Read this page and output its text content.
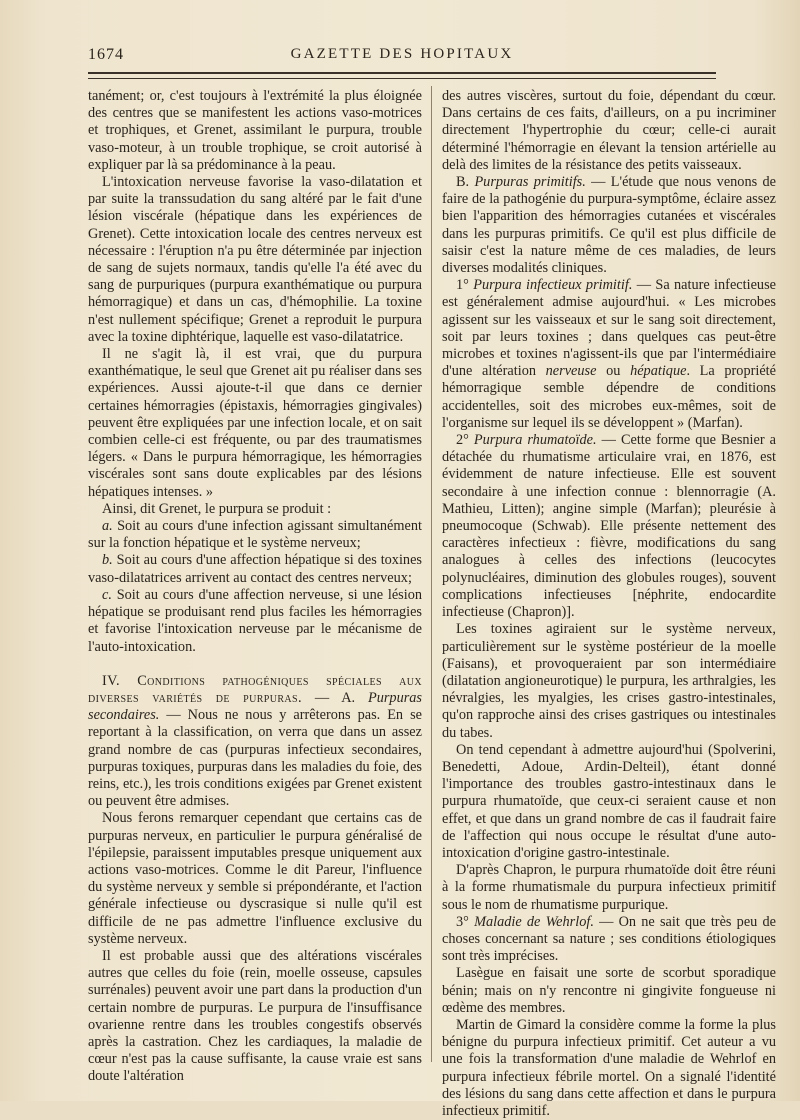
1674	GAZETTE DES HOPITAUX

tanément; or, c'est toujours à l'extrémité la plus éloignée des centres que se manifestent les actions vaso-motrices et trophiques, et Grenet, assimilant le purpura, trouble vaso-moteur, à un trouble trophique, se croit autorisé à expliquer par là sa prédominance à la peau.

L'intoxication nerveuse favorise la vaso-dilatation et par suite la transsudation du sang altéré par le fait d'une lésion viscérale (hépatique dans les expériences de Grenet). Cette intoxication locale des centres nerveux est nécessaire : l'éruption n'a pu être déterminée par injection de sang de sujets normaux, tandis qu'elle l'a été avec du sang de purpuriques (purpura exanthématique ou purpura hémorragique) et dans un cas, d'hémophilie. La toxine n'est nullement spécifique; Grenet a reproduit le purpura avec la toxine diphtérique, laquelle est vaso-dilatatrice.

Il ne s'agit là, il est vrai, que du purpura exanthématique, le seul que Grenet ait pu réaliser dans ses expériences. Aussi ajoute-t-il que dans ce dernier certaines hémorragies (épistaxis, hémorragies gingivales) peuvent être expliquées par une infection locale, et on sait combien celle-ci est fréquente, ou par des traumatismes légers. « Dans le purpura hémorragique, les hémorragies viscérales sont sans doute explicables par des lésions hépatiques intenses. »

Ainsi, dit Grenet, le purpura se produit :

a. Soit au cours d'une infection agissant simultanément sur la fonction hépatique et le système nerveux;

b. Soit au cours d'une affection hépatique si des toxines vaso-dilatatrices arrivent au contact des centres nerveux;

c. Soit au cours d'une affection nerveuse, si une lésion hépatique se produisant rend plus faciles les hémorragies et favorise l'intoxication nerveuse par le mécanisme de l'auto-intoxication.

IV. Conditions pathogéniques spéciales aux diverses variétés de purpuras. — A. Purpuras secondaires. — Nous ne nous y arrêterons pas. En se reportant à la classification, on verra que dans un assez grand nombre de cas (purpuras infectieux secondaires, purpuras toxiques, purpuras dans les maladies du foie, des reins, etc.), les trois conditions exigées par Grenet existent ou peuvent être admises.

Nous ferons remarquer cependant que certains cas de purpuras nerveux, en particulier le purpura généralisé de l'épilepsie, paraissent imputables presque uniquement aux actions vaso-motrices. Comme le dit Pareur, l'influence du système nerveux y semble si prépondérante, et l'action générale infectieuse ou dyscrasique si nulle qu'il est difficile de ne pas admettre l'influence exclusive du système nerveux.

Il est probable aussi que des altérations viscérales autres que celles du foie (rein, moelle osseuse, capsules surrénales) peuvent avoir une part dans la production d'un certain nombre de purpuras. Le purpura de l'insuffisance ovarienne rentre dans les troubles congestifs observés après la castration. Chez les cardiaques, la maladie de cœur n'est pas la cause suffisante, la cause vraie est sans doute l'altération

des autres viscères, surtout du foie, dépendant du cœur. Dans certains de ces faits, d'ailleurs, on a pu incriminer directement l'hypertrophie du cœur; celle-ci aurait déterminé l'hémorragie en élevant la tension artérielle au delà des limites de la résistance des petits vaisseaux.

B. Purpuras primitifs. — L'étude que nous venons de faire de la pathogénie du purpura-symptôme, éclaire assez bien l'apparition des hémorragies cutanées et viscérales dans les purpuras primitifs. Ce qu'il est plus difficile de saisir c'est la nature même de ces maladies, de leurs diverses modalités cliniques.

1° Purpura infectieux primitif. — Sa nature infectieuse est généralement admise aujourd'hui. « Les microbes agissent sur les vaisseaux et sur le sang soit directement, soit par leurs toxines ; dans quelques cas peut-être microbes et toxines n'agissent-ils que par l'intermédiaire d'une altération nerveuse ou hépatique. La propriété hémorragique semble dépendre de conditions accidentelles, soit des microbes eux-mêmes, soit de l'organisme sur lequel ils se développent » (Marfan).

2° Purpura rhumatoïde. — Cette forme que Besnier a détachée du rhumatisme articulaire vrai, en 1876, est évidemment de nature infectieuse. Elle est souvent secondaire à une infection connue : blennorragie (A. Mathieu, Litten); angine simple (Marfan); pleurésie à pneumocoque (Schwab). Elle présente nettement des caractères infectieux : fièvre, modifications du sang analogues à celles des infections (leucocytes polynucléaires, diminution des globules rouges), souvent complications infectieuses [néphrite, endocardite infectieuse (Chapron)].

Les toxines agiraient sur le système nerveux, particulièrement sur le système postérieur de la moelle (Faisans), et provoqueraient par son intermédiaire (dilatation angioneurotique) le purpura, les arthralgies, les névralgies, les myalgies, les crises gastro-intestinales, qu'on rapproche ainsi des crises gastriques ou intestinales du tabes.

On tend cependant à admettre aujourd'hui (Spolverini, Benedetti, Adoue, Ardin-Delteil), étant donné l'importance des troubles gastro-intestinaux dans le purpura rhumatoïde, que ceux-ci seraient cause et non effet, et que dans un grand nombre de cas il faudrait faire de l'affection qui nous occupe le résultat d'une auto-intoxication d'origine gastro-intestinale.

D'après Chapron, le purpura rhumatoïde doit être réuni à la forme rhumatismale du purpura infectieux primitif sous le nom de rhumatisme purpurique.

3° Maladie de Wehrlof. — On ne sait que très peu de choses concernant sa nature ; ses conditions étiologiques sont très imprécises.

Lasègue en faisait une sorte de scorbut sporadique bénin; mais on n'y rencontre ni gingivite fongueuse ni œdème des membres.

Martin de Gimard la considère comme la forme la plus bénigne du purpura infectieux primitif. Cet auteur a vu une fois la transformation d'une maladie de Wehrlof en purpura infectieux fébrile mortel. On a signalé l'identité des lésions du sang dans cette affection et dans le purpura infectieux primitif.
